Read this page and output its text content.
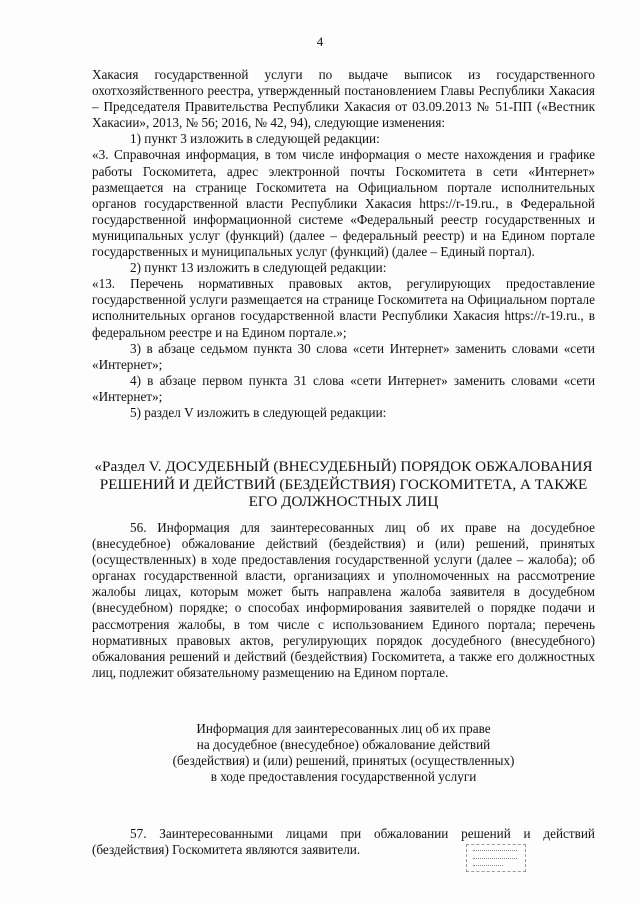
4

Хакасия государственной услуги по выдаче выписок из государственного охотхозяйственного реестра, утвержденный постановлением Главы Республики Хакасия – Председателя Правительства Республики Хакасия от 03.09.2013 № 51-ПП («Вестник Хакасии», 2013, № 56; 2016, № 42, 94), следующие изменения:

1) пункт 3 изложить в следующей редакции:

«3. Справочная информация, в том числе информация о месте нахождения и графике работы Госкомитета, адрес электронной почты Госкомитета в сети «Интернет» размещается на странице Госкомитета на Официальном портале исполнительных органов государственной власти Республики Хакасия https://r-19.ru., в Федеральной государственной информационной системе «Федеральный реестр государственных и муниципальных услуг (функций) (далее – федеральный реестр) и на Едином портале государственных и муниципальных услуг (функций) (далее – Единый портал).

2) пункт 13 изложить в следующей редакции:

«13. Перечень нормативных правовых актов, регулирующих предоставление государственной услуги размещается на странице Госкомитета на Официальном портале исполнительных органов государственной власти Республики Хакасия https://r-19.ru., в федеральном реестре и на Едином портале.»;

3) в абзаце седьмом пункта 30 слова «сети Интернет» заменить словами «сети «Интернет»;

4) в абзаце первом пункта 31 слова «сети Интернет» заменить словами «сети «Интернет»;

5) раздел V изложить в следующей редакции:

«Раздел V. ДОСУДЕБНЫЙ (ВНЕСУДЕБНЫЙ) ПОРЯДОК ОБЖАЛОВАНИЯ РЕШЕНИЙ И ДЕЙСТВИЙ (БЕЗДЕЙСТВИЯ) ГОСКОМИТЕТА, А ТАКЖЕ ЕГО ДОЛЖНОСТНЫХ ЛИЦ

56. Информация для заинтересованных лиц об их праве на досудебное (внесудебное) обжалование действий (бездействия) и (или) решений, принятых (осуществленных) в ходе предоставления государственной услуги (далее – жалоба); об органах государственной власти, организациях и уполномоченных на рассмотрение жалобы лицах, которым может быть направлена жалоба заявителя в досудебном (внесудебном) порядке; о способах информирования заявителей о порядке подачи и рассмотрения жалобы, в том числе с использованием Единого портала; перечень нормативных правовых актов, регулирующих порядок досудебного (внесудебного) обжалования решений и действий (бездействия) Госкомитета, а также его должностных лиц, подлежит обязательному размещению на Едином портале.

Информация для заинтересованных лиц об их праве
на досудебное (внесудебное) обжалование действий
(бездействия) и (или) решений, принятых (осуществленных)
в ходе предоставления государственной услуги

57. Заинтересованными лицами при обжаловании решений и действий (бездействия) Госкомитета являются заявители.
